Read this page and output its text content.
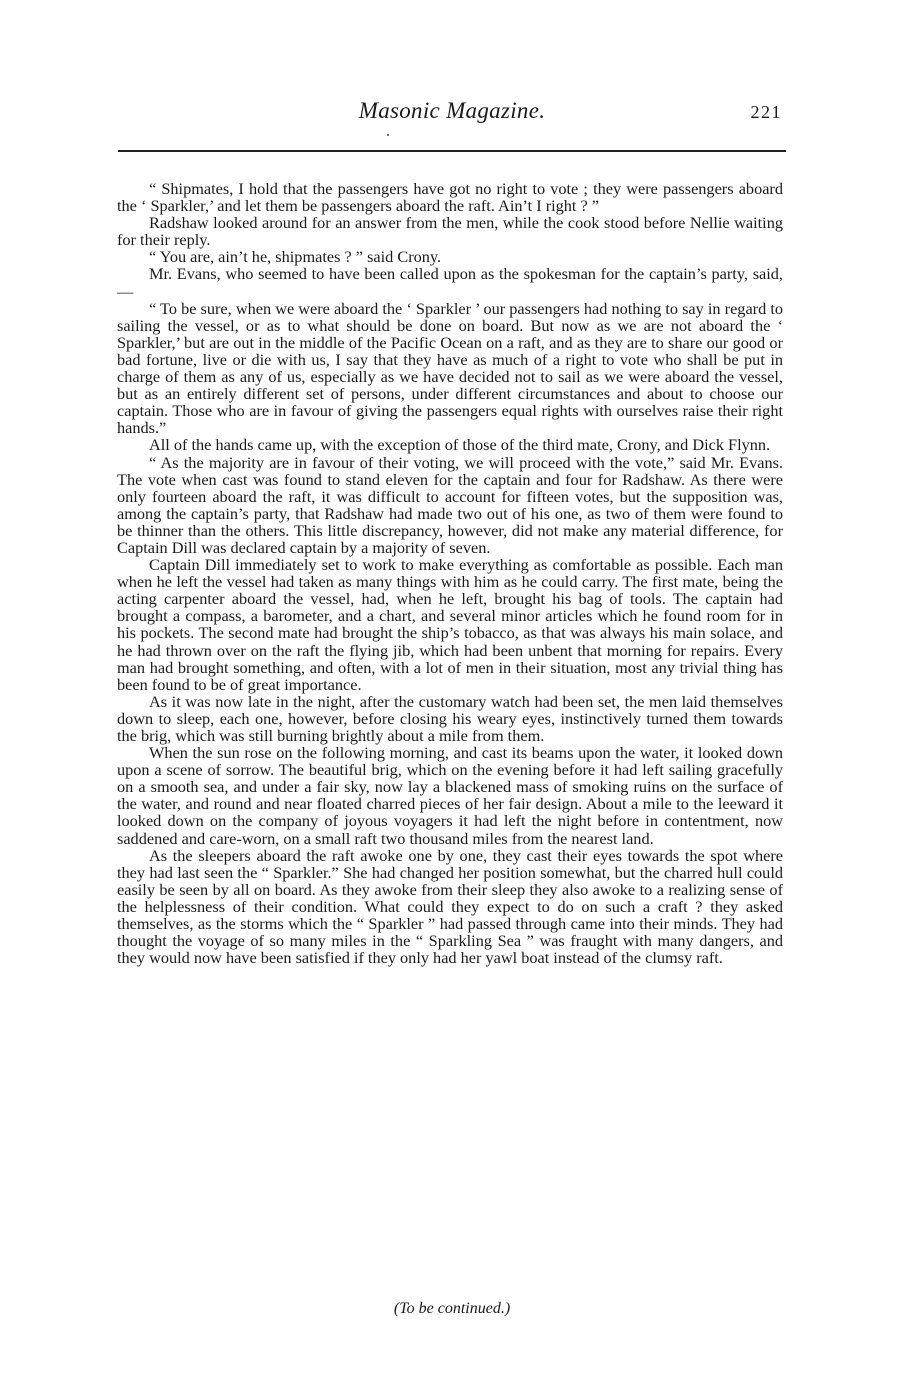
Masonic Magazine.	221

“ Shipmates, I hold that the passengers have got no right to vote ; they were passengers aboard the ‘ Sparkler,’ and let them be passengers aboard the raft. Ain’t I right ? ”

Radshaw looked around for an answer from the men, while the cook stood before Nellie waiting for their reply.

“ You are, ain’t he, shipmates ? ” said Crony.

Mr. Evans, who seemed to have been called upon as the spokesman for the captain’s party, said,—

“ To be sure, when we were aboard the ‘ Sparkler ’ our passengers had nothing to say in regard to sailing the vessel, or as to what should be done on board. But now as we are not aboard the ‘ Sparkler,’ but are out in the middle of the Pacific Ocean on a raft, and as they are to share our good or bad fortune, live or die with us, I say that they have as much of a right to vote who shall be put in charge of them as any of us, especially as we have decided not to sail as we were aboard the vessel, but as an entirely different set of persons, under different circumstances and about to choose our captain. Those who are in favour of giving the passengers equal rights with ourselves raise their right hands.”

All of the hands came up, with the exception of those of the third mate, Crony, and Dick Flynn.

“ As the majority are in favour of their voting, we will proceed with the vote,” said Mr. Evans. The vote when cast was found to stand eleven for the captain and four for Radshaw. As there were only fourteen aboard the raft, it was difficult to account for fifteen votes, but the supposition was, among the captain’s party, that Radshaw had made two out of his one, as two of them were found to be thinner than the others. This little discrepancy, however, did not make any material difference, for Captain Dill was declared captain by a majority of seven.

Captain Dill immediately set to work to make everything as comfortable as possible. Each man when he left the vessel had taken as many things with him as he could carry. The first mate, being the acting carpenter aboard the vessel, had, when he left, brought his bag of tools. The captain had brought a compass, a barometer, and a chart, and several minor articles which he found room for in his pockets. The second mate had brought the ship’s tobacco, as that was always his main solace, and he had thrown over on the raft the flying jib, which had been unbent that morning for repairs. Every man had brought something, and often, with a lot of men in their situation, most any trivial thing has been found to be of great importance.

As it was now late in the night, after the customary watch had been set, the men laid themselves down to sleep, each one, however, before closing his weary eyes, instinctively turned them towards the brig, which was still burning brightly about a mile from them.

When the sun rose on the following morning, and cast its beams upon the water, it looked down upon a scene of sorrow. The beautiful brig, which on the evening before it had left sailing gracefully on a smooth sea, and under a fair sky, now lay a blackened mass of smoking ruins on the surface of the water, and round and near floated charred pieces of her fair design. About a mile to the leeward it looked down on the company of joyous voyagers it had left the night before in contentment, now saddened and care-worn, on a small raft two thousand miles from the nearest land.

As the sleepers aboard the raft awoke one by one, they cast their eyes towards the spot where they had last seen the “ Sparkler.” She had changed her position somewhat, but the charred hull could easily be seen by all on board. As they awoke from their sleep they also awoke to a realizing sense of the helplessness of their condition. What could they expect to do on such a craft ? they asked themselves, as the storms which the “ Sparkler ” had passed through came into their minds. They had thought the voyage of so many miles in the “ Sparkling Sea ” was fraught with many dangers, and they would now have been satisfied if they only had her yawl boat instead of the clumsy raft.

(To be continued.)
